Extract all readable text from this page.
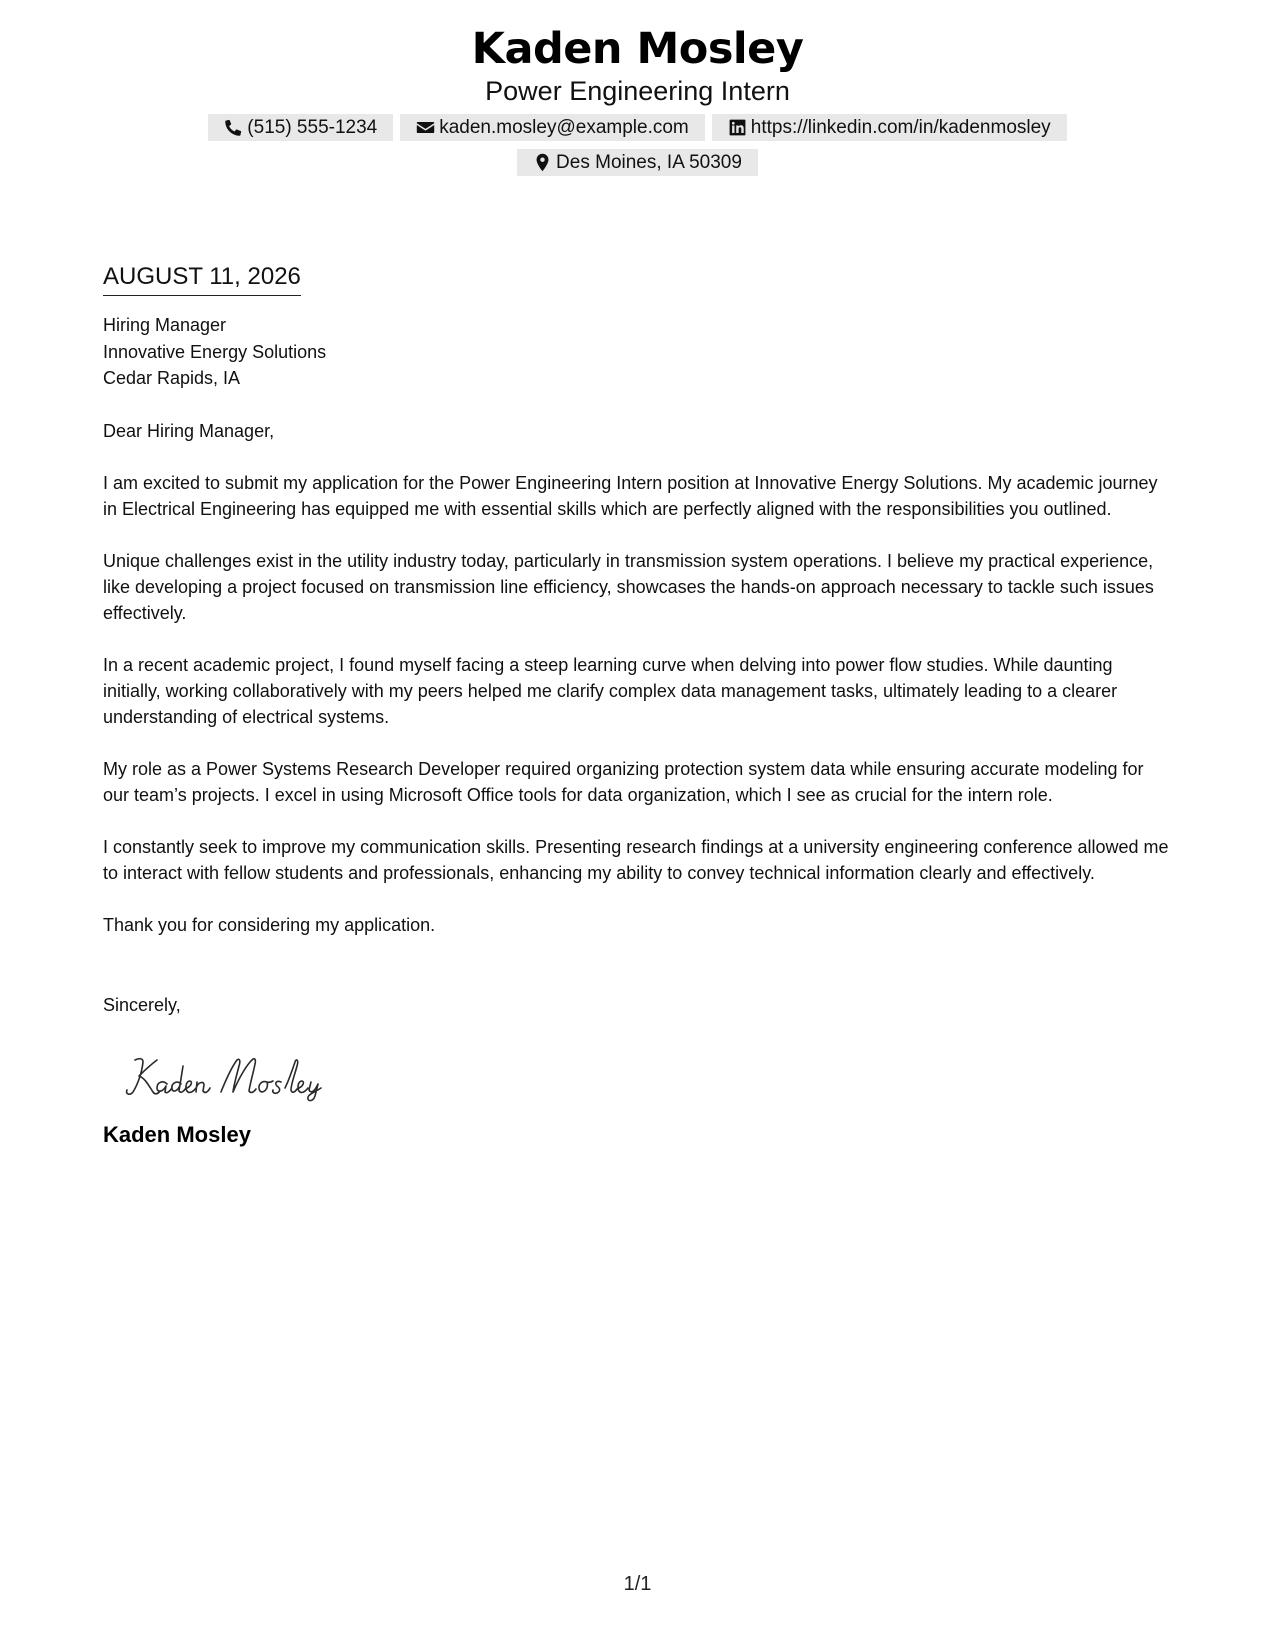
Kaden Mosley
Power Engineering Intern
(515) 555-1234	kaden.mosley@example.com	https://linkedin.com/in/kadenmosley
Des Moines, IA 50309
AUGUST 11, 2026
Hiring Manager
Innovative Energy Solutions
Cedar Rapids, IA
Dear Hiring Manager,
I am excited to submit my application for the Power Engineering Intern position at Innovative Energy Solutions. My academic journey in Electrical Engineering has equipped me with essential skills which are perfectly aligned with the responsibilities you outlined.
Unique challenges exist in the utility industry today, particularly in transmission system operations. I believe my practical experience, like developing a project focused on transmission line efficiency, showcases the hands-on approach necessary to tackle such issues effectively.
In a recent academic project, I found myself facing a steep learning curve when delving into power flow studies. While daunting initially, working collaboratively with my peers helped me clarify complex data management tasks, ultimately leading to a clearer understanding of electrical systems.
My role as a Power Systems Research Developer required organizing protection system data while ensuring accurate modeling for our team’s projects. I excel in using Microsoft Office tools for data organization, which I see as crucial for the intern role.
I constantly seek to improve my communication skills. Presenting research findings at a university engineering conference allowed me to interact with fellow students and professionals, enhancing my ability to convey technical information clearly and effectively.
Thank you for considering my application.
Sincerely,
Kaden Mosley
1/1
